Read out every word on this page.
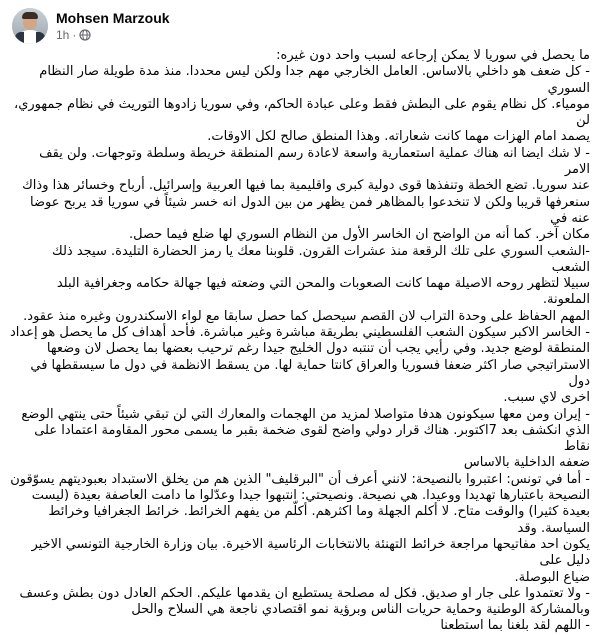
Mohsen Marzouk
1h ·

ما يحصل في سوريا لا يمكن إرجاعه لسبب واحد دون غيره:

- كل ضعف هو داخلي بالاساس. العامل الخارجي مهم جدا ولكن ليس محددا. منذ مدة طويلة صار النظام السوري

مومياء. كل نظام يقوم على البطش فقط وعلى عبادة الحاكم، وفي سوريا زادوها التوريث في نظام جمهوري، لن

يصمد امام الهزات مهما كانت شعاراته. وهذا المنطق صالح لكل الاوقات.

- لا شك ايضا انه هناك عملية استعمارية واسعة لاعادة رسم المنطقة خريطة وسلطة وتوجهات. ولن يقف الامر

عند سوريا. تضع الخطة وتنفذها قوى دولية كبرى واقليمية بما فيها العربية وإسرائيل. أرباح وخسائر هذا وذاك

سنعرفها قريبا ولكن لا تنخدعوا بالمظاهر فمن يظهر من بين الدول انه خسر شيئاً في سوريا قد يربح عوضا عنه في

مكان آخر. كما أنه من الواضح ان الخاسر الأول من النظام السوري لها ضلع فيما حصل.

-الشعب السوري على تلك الرقعة منذ عشرات القرون. قلوبنا معك يا رمز الحضارة التليدة. سيجد ذلك الشعب

سبيلا لتظهر روحه الاصيلة مهما كانت الصعوبات والمحن التي وضعته فيها جهالة حكامه وجغرافية البلد الملعونة.

المهم الحفاظ على وحدة التراب لان القصم سيحصل كما حصل سابقا مع لواء الاسكندرون وغيره منذ عقود.

- الخاسر الاكبر سيكون الشعب الفلسطيني بطريقة مباشرة وغير مباشرة. فأحد أهداف كل ما يحصل هو إعداد

المنطقة لوضع جديد. وفي رأيي يجب أن تنتبه دول الخليج جيدا رغم ترحيب بعضها بما يحصل لان وضعها

الاستراتيجي صار اكثر ضعفا فسوريا والعراق كانتا حماية لها. من يسقط الانظمة في دول ما سيسقطها في دول

اخرى لاي سبب.

- إيران ومن معها سيكونون هدفا متواصلا لمزيد من الهجمات والمعارك التي لن تبقي شيئاً حتى ينتهي الوضع

الذي انكشف بعد 7اكتوبر. هناك قرار دولي واضح لقوى ضخمة بقبر ما يسمى محور المقاومة اعتمادا على نقاط

ضعفه الداخلية بالاساس

- أما في تونس: اعتبروا بالنصيحة: لانني أعرف أن "البرقليف" الذين هم من يخلق الاستبداد بعبوديتهم يسوّقون

النصيحة باعتبارها تهديدا ووعيدا. هي نصيحة. ونصيحتي: انتبهوا جيدا وعدّلوا ما دامت العاصفة بعيدة (ليست

بعيدة كثيرا) والوقت متاح. لا أكلم الجهلة وما اكثرهم. أكلّم من يفهم الخرائط. خرائط الجغرافيا وخرائط السياسة. وقد

يكون احد مفاتيحها مراجعة خرائط التهنئة بالانتخابات الرئاسية الاخيرة. بيان وزارة الخارجية التونسي الاخير دليل على

ضياع البوصلة.

- ولا تعتمدوا على جار او صديق. فكل له مصلحة يستطيع ان يقدمها عليكم. الحكم العادل دون بطش وعسف

وبالمشاركة الوطنية وحماية حريات الناس وبرؤية نمو اقتصادي ناجعة هي السلاح والحل

- اللهم لقد بلغنا بما استطعنا
